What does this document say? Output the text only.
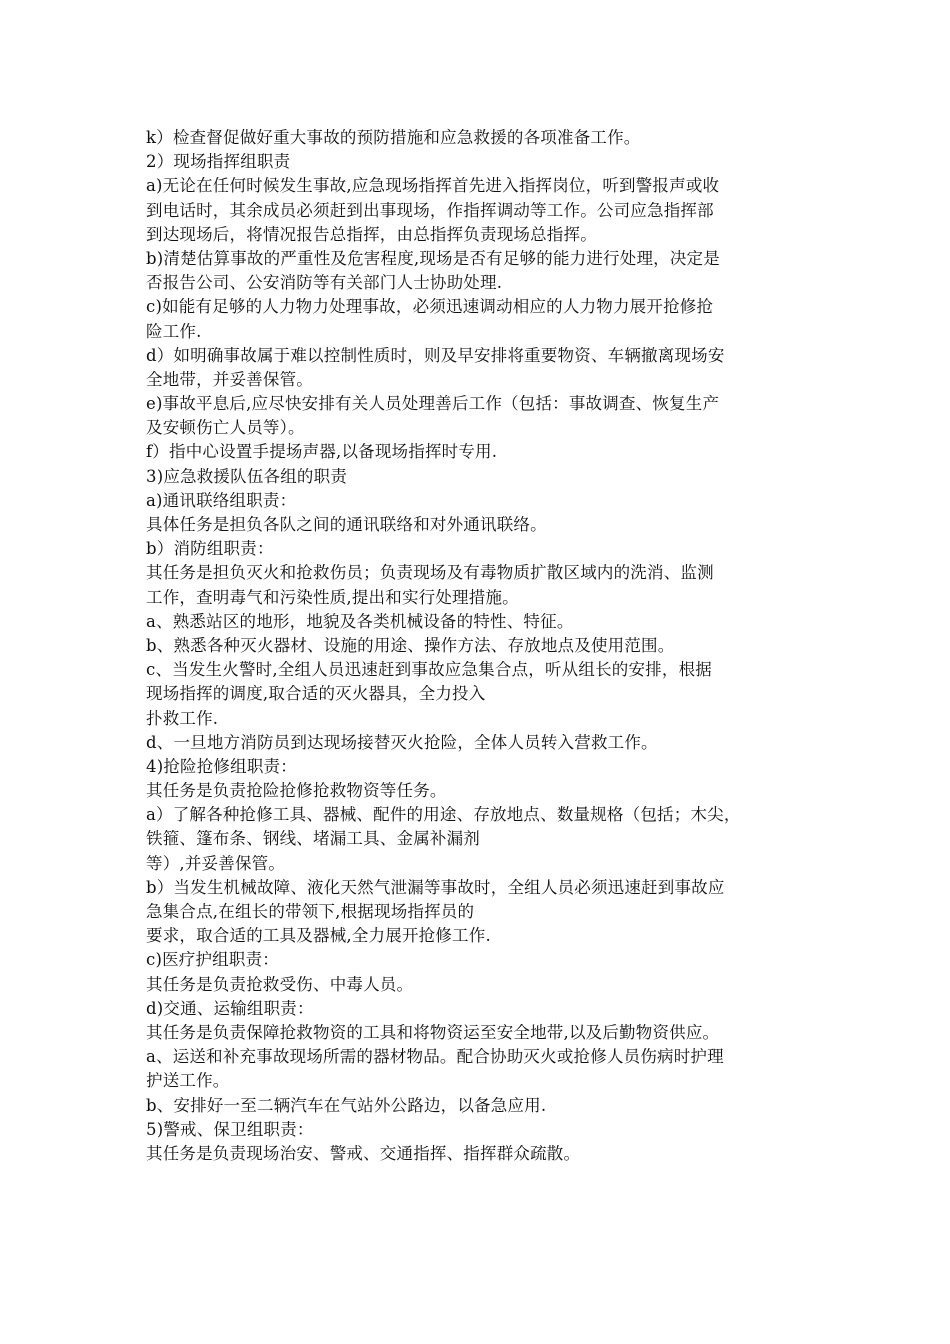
k）检查督促做好重大事故的预防措施和应急救援的各项准备工作。
2）现场指挥组职责
a)无论在任何时候发生事故,应急现场指挥首先进入指挥岗位，听到警报声或收
到电话时，其余成员必须赶到出事现场，作指挥调动等工作。公司应急指挥部
到达现场后，将情况报告总指挥，由总指挥负责现场总指挥。
b)清楚估算事故的严重性及危害程度,现场是否有足够的能力进行处理，决定是
否报告公司、公安消防等有关部门人士协助处理.
c)如能有足够的人力物力处理事故，必须迅速调动相应的人力物力展开抢修抢
险工作.
d）如明确事故属于难以控制性质时，则及早安排将重要物资、车辆撤离现场安
全地带，并妥善保管。
e)事故平息后,应尽快安排有关人员处理善后工作（包括：事故调查、恢复生产
及安顿伤亡人员等）。
f）指中心设置手提场声器,以备现场指挥时专用.
3)应急救援队伍各组的职责
a)通讯联络组职责：
具体任务是担负各队之间的通讯联络和对外通讯联络。
b）消防组职责：
其任务是担负灭火和抢救伤员；负责现场及有毒物质扩散区域内的洗消、监测
工作，查明毒气和污染性质,提出和实行处理措施。
a、熟悉站区的地形，地貌及各类机械设备的特性、特征。
b、熟悉各种灭火器材、设施的用途、操作方法、存放地点及使用范围。
c、当发生火警时,全组人员迅速赶到事故应急集合点，听从组长的安排，根据
现场指挥的调度,取合适的灭火器具，全力投入
扑救工作.
d、一旦地方消防员到达现场接替灭火抢险，全体人员转入营救工作。
4)抢险抢修组职责：
其任务是负责抢险抢修抢救物资等任务。
a）了解各种抢修工具、器械、配件的用途、存放地点、数量规格（包括；木尖，
铁箍、篷布条、钢线、堵漏工具、金属补漏剂
等）,并妥善保管。
b）当发生机械故障、液化天然气泄漏等事故时，全组人员必须迅速赶到事故应
急集合点,在组长的带领下,根据现场指挥员的
要求，取合适的工具及器械,全力展开抢修工作.
c)医疗护组职责：
其任务是负责抢救受伤、中毒人员。
d)交通、运输组职责：
其任务是负责保障抢救物资的工具和将物资运至安全地带,以及后勤物资供应。
a、运送和补充事故现场所需的器材物品。配合协助灭火或抢修人员伤病时护理
护送工作。
b、安排好一至二辆汽车在气站外公路边，以备急应用.
5)警戒、保卫组职责：
其任务是负责现场治安、警戒、交通指挥、指挥群众疏散。
